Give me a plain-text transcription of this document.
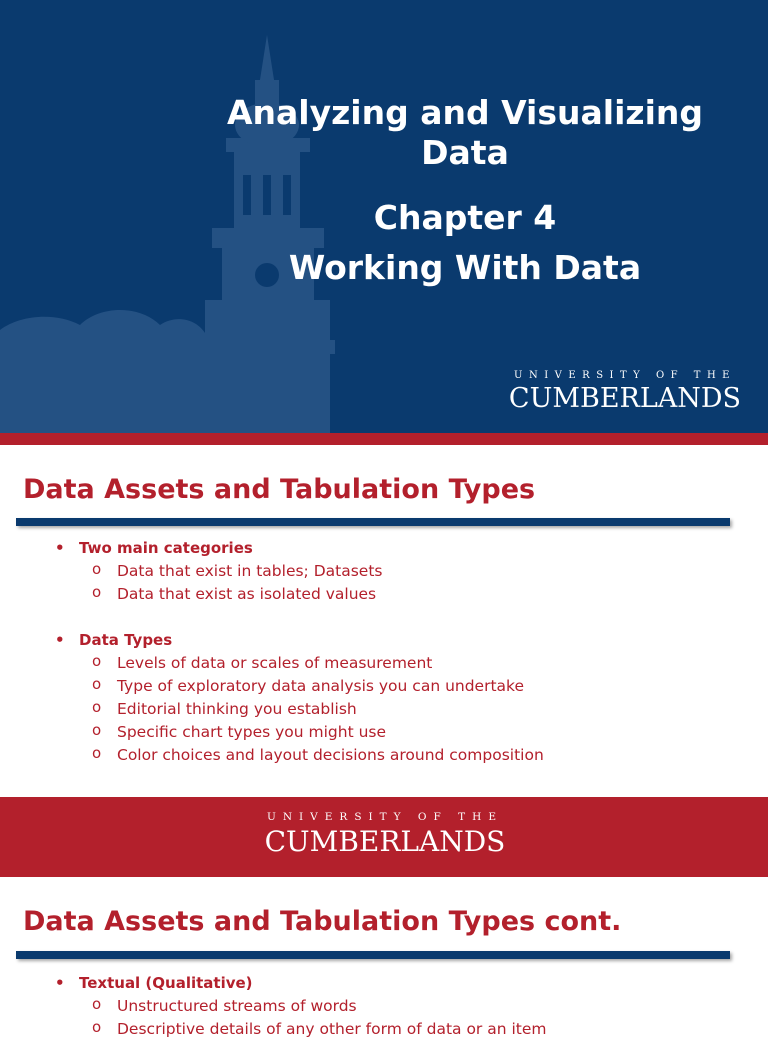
Analyzing and Visualizing Data
Chapter 4
Working With Data
UNIVERSITY OF THE
CUMBERLANDS
Data Assets and Tabulation Types
• Two main categories
o Data that exist in tables; Datasets
o Data that exist as isolated values
• Data Types
o Levels of data or scales of measurement
o Type of exploratory data analysis you can undertake
o Editorial thinking you establish
o Specific chart types you might use
o Color choices and layout decisions around composition
UNIVERSITY OF THE
CUMBERLANDS
Data Assets and Tabulation Types cont.
• Textual (Qualitative)
o Unstructured streams of words
o Descriptive details of any other form of data or an item
